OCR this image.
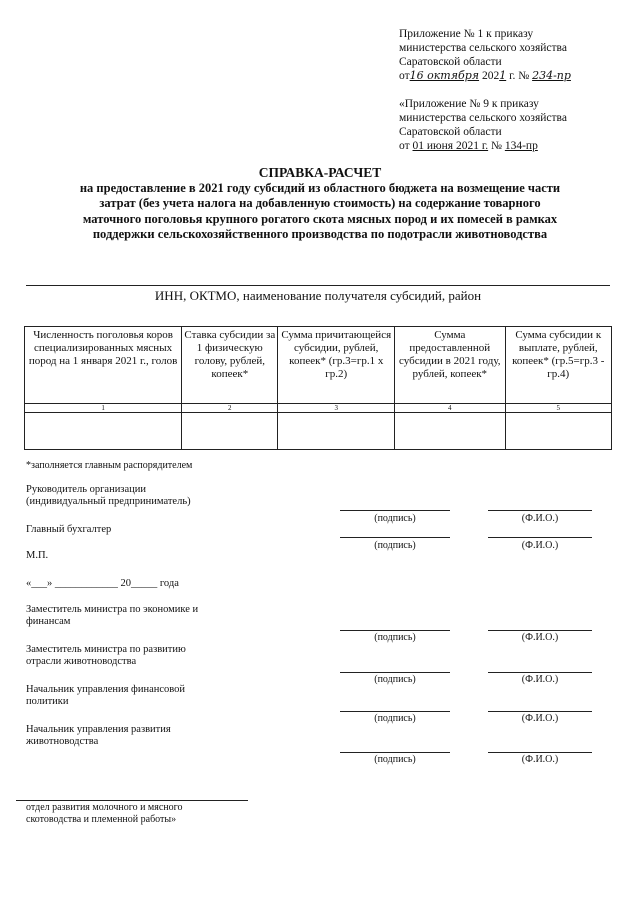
Приложение № 1 к приказу
министерства сельского хозяйства
Саратовской области
от16 октября 2021 г. № 234-пр
«Приложение № 9 к приказу
министерства сельского хозяйства
Саратовской области
от 01 июня 2021 г. № 134-пр
СПРАВКА-РАСЧЕТ
на предоставление в 2021 году субсидий из областного бюджета на возмещение части
затрат (без учета налога на добавленную стоимость) на содержание товарного
маточного поголовья крупного рогатого скота мясных пород и их помесей в рамках
поддержки сельскохозяйственного производства по подотрасли животноводства
ИНН, ОКТМО, наименование получателя субсидий, район
Численность поголовья коров специализированных мясных пород на 1 января 2021 г., голов	Ставка субсидии за 1 физическую голову, рублей, копеек*	Сумма причитающейся субсидии, рублей, копеек* (гр.3=гр.1 х гр.2)	Сумма предоставленной субсидии в 2021 году, рублей, копеек*	Сумма субсидии к выплате, рублей, копеек* (гр.5=гр.3 - гр.4)
1	2	3	4	5

*заполняется главным распорядителем
Руководитель организации
(индивидуальный предприниматель)
(подпись)	(Ф.И.О.)
Главный бухгалтер
(подпись)	(Ф.И.О.)
М.П.
«___» ____________ 20_____ года
Заместитель министра по экономике и
финансам
(подпись)	(Ф.И.О.)
Заместитель министра по развитию
отрасли животноводства
(подпись)	(Ф.И.О.)
Начальник управления финансовой
политики
(подпись)	(Ф.И.О.)
Начальник управления развития
животноводства
(подпись)	(Ф.И.О.)
отдел развития молочного и мясного
скотоводства и племенной работы»
